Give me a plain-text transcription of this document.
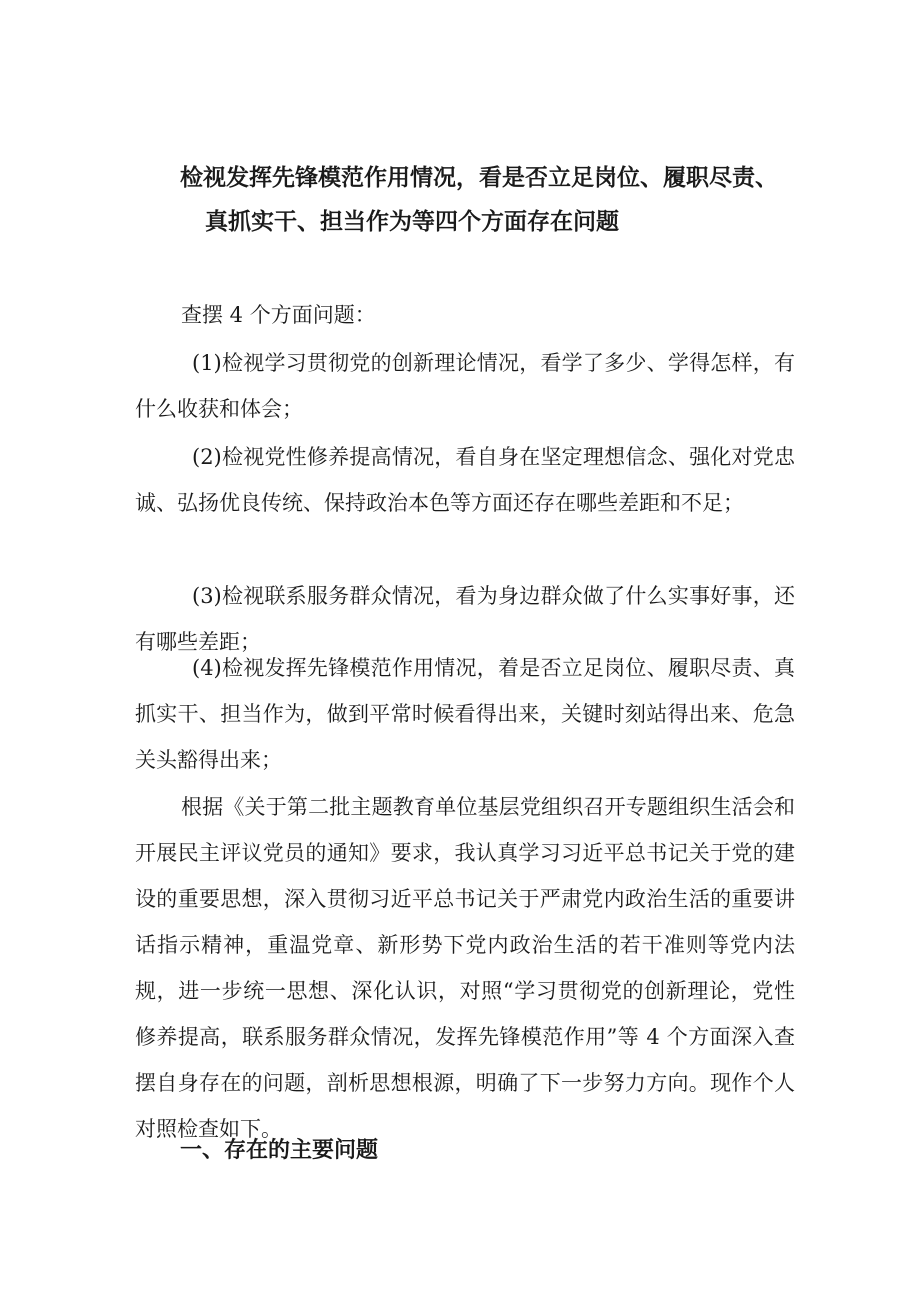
检视发挥先锋模范作用情况，看是否立足岗位、履职尽责、
真抓实干、担当作为等四个方面存在问题
查摆 4 个方面问题：
(1)检视学习贯彻党的创新理论情况，看学了多少、学得怎样，有什么收获和体会；
(2)检视党性修养提高情况，看自身在坚定理想信念、强化对党忠诚、弘扬优良传统、保持政治本色等方面还存在哪些差距和不足；
(3)检视联系服务群众情况，看为身边群众做了什么实事好事，还有哪些差距；
(4)检视发挥先锋模范作用情况，着是否立足岗位、履职尽责、真抓实干、担当作为，做到平常时候看得出来，关键时刻站得出来、危急关头豁得出来；
根据《关于第二批主题教育单位基层党组织召开专题组织生活会和开展民主评议党员的通知》要求，我认真学习习近平总书记关于党的建设的重要思想，深入贯彻习近平总书记关于严肃党内政治生活的重要讲话指示精神，重温党章、新形势下党内政治生活的若干准则等党内法规，进一步统一思想、深化认识，对照“学习贯彻党的创新理论，党性修养提高，联系服务群众情况，发挥先锋模范作用”等 4 个方面深入查摆自身存在的问题，剖析思想根源，明确了下一步努力方向。现作个人对照检查如下。
一、存在的主要问题
